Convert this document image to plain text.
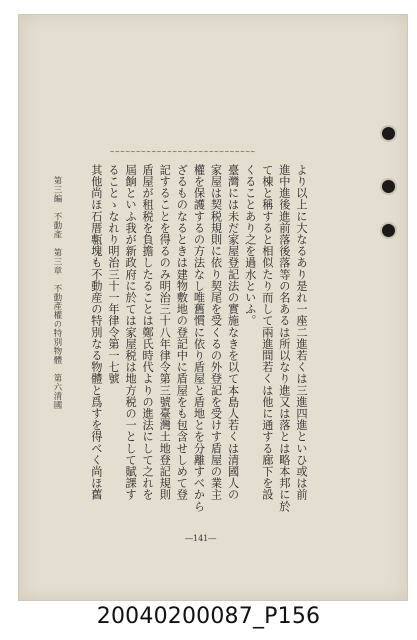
~~~~~~~~~~~~~~~~~~~~~~~~~~~~
より以上に大なるあり是れ一座二進若くは三進四進といひ或は前
進中進後進前落後落等の名あるは所以なり進又は落とは略本邦に於
て棟と稱すると相似たり而して兩進間若くは他に通する廊下を設
くることあり之を過水といふ。
臺灣には未だ家屋登記法の實施なきを以て本島人若くは清國人の
家屋は契税規則に依り契尾を受くるの外登記を受けす盾屋の業主
權を保護するの方法なし唯舊慣に依り盾屋と盾地とを分離すべから
ざるものなるときは建物敷地の登記中に盾屋をも包含せしめて登
記することを得るのみ明治三十八年律令第三號臺灣土地登記規則
盾屋が租税を負擔したることは鄭氏時代よりの進法にして之れを
屆餉といふ我が新政府に於ては家屋税は地方税の一として賦課す
ることゝなれり明治三十一年律令第一七號
其他尚ほ石厝甎塊も不動産の特別なる物體と爲すを得べく尚ほ舊
第三編　不動產　第三章　不動產權の特別物體　第六清國
―141―
20040200087_P156
